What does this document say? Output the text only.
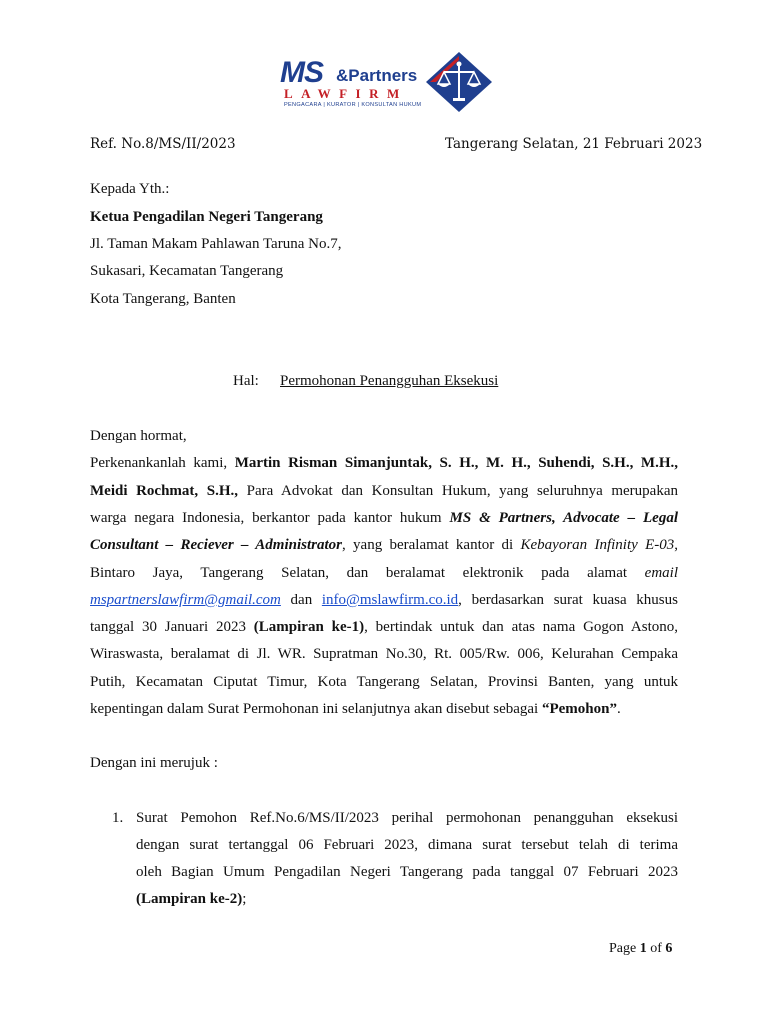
MS &Partners
LAWFIRM
PENGACARA | KURATOR | KONSULTAN HUKUM
Ref. No.8/MS/II/2023	Tangerang Selatan, 21 Februari 2023
Kepada Yth.:
Ketua Pengadilan Negeri Tangerang
Jl. Taman Makam Pahlawan Taruna No.7,
Sukasari, Kecamatan Tangerang
Kota Tangerang, Banten
Hal: Permohonan Penangguhan Eksekusi
Dengan hormat,
Perkenankanlah kami, Martin Risman Simanjuntak, S. H., M. H., Suhendi, S.H., M.H.,
Meidi Rochmat, S.H., Para Advokat dan Konsultan Hukum, yang seluruhnya merupakan
warga negara Indonesia, berkantor pada kantor hukum MS & Partners, Advocate – Legal
Consultant – Reciever – Administrator, yang beralamat kantor di Kebayoran Infinity E-03,
Bintaro Jaya, Tangerang Selatan, dan beralamat elektronik pada alamat email
mspartnerslawfirm@gmail.com dan info@mslawfirm.co.id, berdasarkan surat kuasa khusus
tanggal 30 Januari 2023 (Lampiran ke-1), bertindak untuk dan atas nama Gogon Astono,
Wiraswasta, beralamat di Jl. WR. Supratman No.30, Rt. 005/Rw. 006, Kelurahan Cempaka
Putih, Kecamatan Ciputat Timur, Kota Tangerang Selatan, Provinsi Banten, yang untuk
kepentingan dalam Surat Permohonan ini selanjutnya akan disebut sebagai “Pemohon”.
Dengan ini merujuk :
1. Surat Pemohon Ref.No.6/MS/II/2023 perihal permohonan penangguhan eksekusi
dengan surat tertanggal 06 Februari 2023, dimana surat tersebut telah di terima
oleh Bagian Umum Pengadilan Negeri Tangerang pada tanggal 07 Februari 2023
(Lampiran ke-2);
Page 1 of 6
